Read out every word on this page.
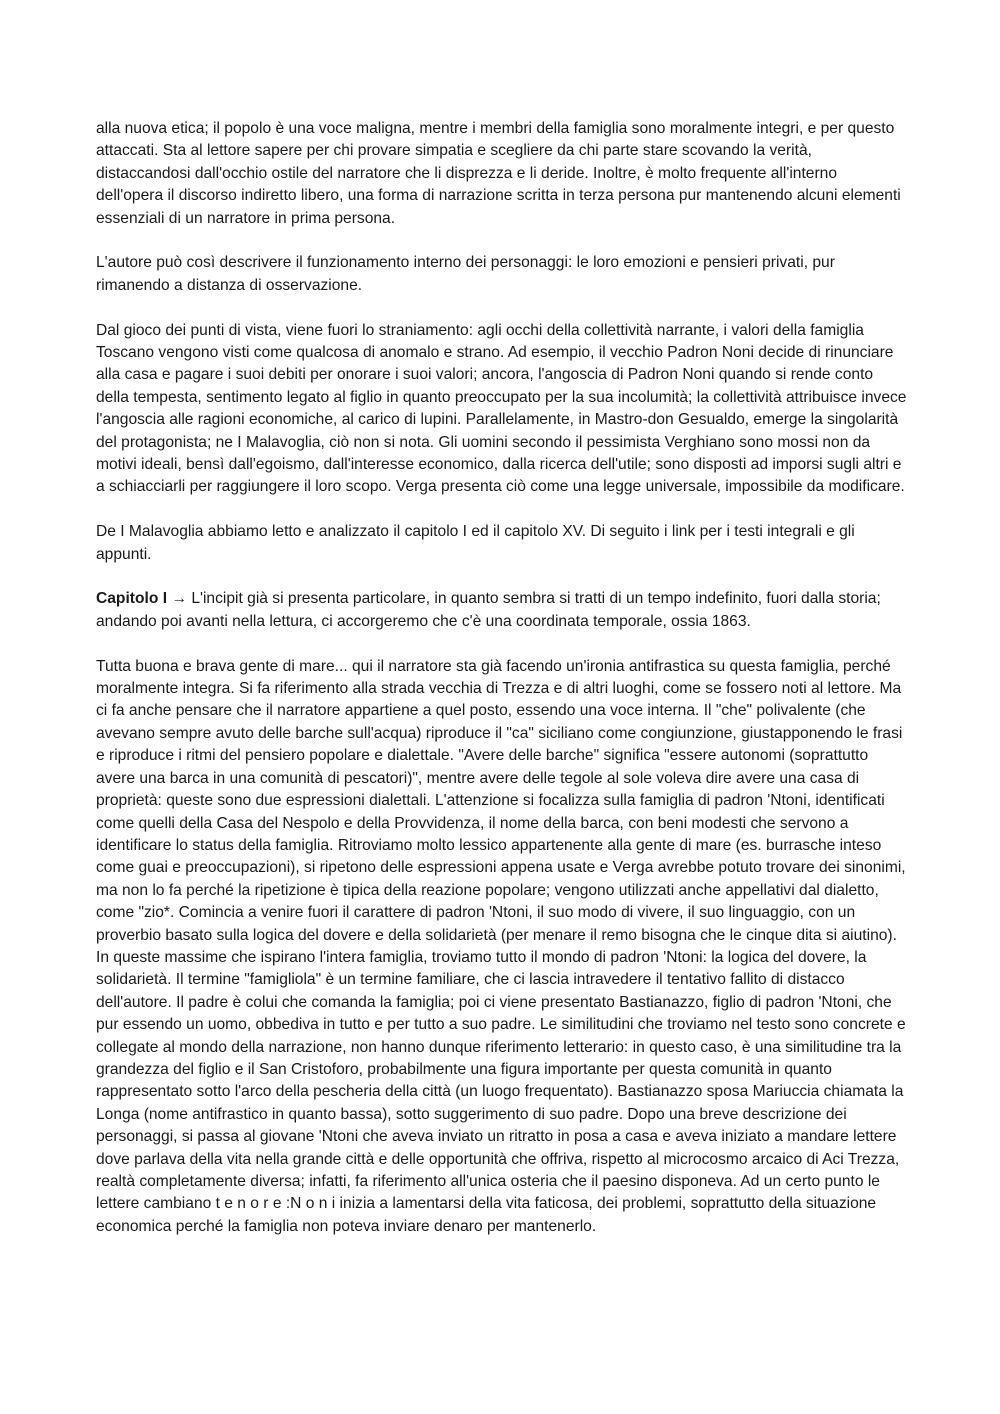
alla nuova etica; il popolo è una voce maligna, mentre i membri della famiglia sono moralmente integri, e per questo attaccati. Sta al lettore sapere per chi provare simpatia e scegliere da chi parte stare scovando la verità, distaccandosi dall'occhio ostile del narratore che li disprezza e li deride. Inoltre, è molto frequente all'interno dell'opera il discorso indiretto libero, una forma di narrazione scritta in terza persona pur mantenendo alcuni elementi essenziali di un narratore in prima persona.

L'autore può così descrivere il funzionamento interno dei personaggi: le loro emozioni e pensieri privati, pur rimanendo a distanza di osservazione.

Dal gioco dei punti di vista, viene fuori lo straniamento: agli occhi della collettività narrante, i valori della famiglia Toscano vengono visti come qualcosa di anomalo e strano. Ad esempio, il vecchio Padron Noni decide di rinunciare alla casa e pagare i suoi debiti per onorare i suoi valori; ancora, l'angoscia di Padron Noni quando si rende conto della tempesta, sentimento legato al figlio in quanto preoccupato per la sua incolumità; la collettività attribuisce invece l'angoscia alle ragioni economiche, al carico di lupini. Parallelamente, in Mastro-don Gesualdo, emerge la singolarità del protagonista; ne I Malavoglia, ciò non si nota. Gli uomini secondo il pessimista Verghiano sono mossi non da motivi ideali, bensì dall'egoismo, dall'interesse economico, dalla ricerca dell'utile; sono disposti ad imporsi sugli altri e a schiacciarli per raggiungere il loro scopo. Verga presenta ciò come una legge universale, impossibile da modificare.

De I Malavoglia abbiamo letto e analizzato il capitolo I ed il capitolo XV. Di seguito i link per i testi integrali e gli appunti.

Capitolo I → L'incipit già si presenta particolare, in quanto sembra si tratti di un tempo indefinito, fuori dalla storia; andando poi avanti nella lettura, ci accorgeremo che c'è una coordinata temporale, ossia 1863.

Tutta buona e brava gente di mare... qui il narratore sta già facendo un'ironia antifrastica su questa famiglia, perché moralmente integra. Si fa riferimento alla strada vecchia di Trezza e di altri luoghi, come se fossero noti al lettore. Ma ci fa anche pensare che il narratore appartiene a quel posto, essendo una voce interna. Il "che" polivalente (che avevano sempre avuto delle barche sull'acqua) riproduce il "ca" siciliano come congiunzione, giustapponendo le frasi e riproduce i ritmi del pensiero popolare e dialettale. "Avere delle barche" significa "essere autonomi (soprattutto avere una barca in una comunità di pescatori)", mentre avere delle tegole al sole voleva dire avere una casa di proprietà: queste sono due espressioni dialettali. L'attenzione si focalizza sulla famiglia di padron 'Ntoni, identificati come quelli della Casa del Nespolo e della Provvidenza, il nome della barca, con beni modesti che servono a identificare lo status della famiglia. Ritroviamo molto lessico appartenente alla gente di mare (es. burrasche inteso come guai e preoccupazioni), si ripetono delle espressioni appena usate e Verga avrebbe potuto trovare dei sinonimi, ma non lo fa perché la ripetizione è tipica della reazione popolare; vengono utilizzati anche appellativi dal dialetto, come "zio*. Comincia a venire fuori il carattere di padron 'Ntoni, il suo modo di vivere, il suo linguaggio, con un proverbio basato sulla logica del dovere e della solidarietà (per menare il remo bisogna che le cinque dita si aiutino). In queste massime che ispirano l'intera famiglia, troviamo tutto il mondo di padron 'Ntoni: la logica del dovere, la solidarietà. Il termine "famigliola" è un termine familiare, che ci lascia intravedere il tentativo fallito di distacco dell'autore. Il padre è colui che comanda la famiglia; poi ci viene presentato Bastianazzo, figlio di padron 'Ntoni, che pur essendo un uomo, obbediva in tutto e per tutto a suo padre. Le similitudini che troviamo nel testo sono concrete e collegate al mondo della narrazione, non hanno dunque riferimento letterario: in questo caso, è una similitudine tra la grandezza del figlio e il San Cristoforo, probabilmente una figura importante per questa comunità in quanto rappresentato sotto l'arco della pescheria della città (un luogo frequentato). Bastianazzo sposa Mariuccia chiamata la Longa (nome antifrastico in quanto bassa), sotto suggerimento di suo padre. Dopo una breve descrizione dei personaggi, si passa al giovane 'Ntoni che aveva inviato un ritratto in posa a casa e aveva iniziato a mandare lettere dove parlava della vita nella grande città e delle opportunità che offriva, rispetto al microcosmo arcaico di Aci Trezza, realtà completamente diversa; infatti, fa riferimento all'unica osteria che il paesino disponeva. Ad un certo punto le lettere cambiano t e n o r e :N o n i inizia a lamentarsi della vita faticosa, dei problemi, soprattutto della situazione economica perché la famiglia non poteva inviare denaro per mantenerlo.
